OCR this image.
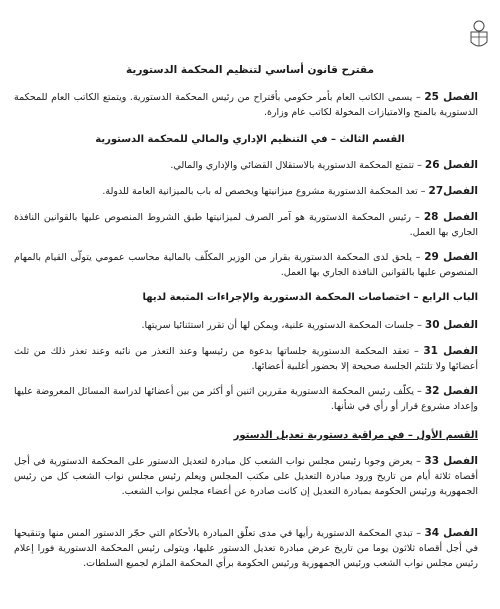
مقترح قانون أساسي لتنظيم المحكمة الدستورية
الفصل 25 – يسمى الكاتب العام بأمر حكومي بأقتراح من رئيس المحكمة الدستورية. ويتمتع الكاتب العام للمحكمة الدستورية بالمنح والامتيازات المخولة لكاتب عام وزارة.
القسم الثالث – في التنظيم الإداري والمالي للمحكمة الدستورية
الفصل 26 – تتمتع المحكمة الدستورية بالاستقلال القضائي والإداري والمالي.
الفصل27 – تعد المحكمة الدستورية مشروع ميزانيتها ويخصص له باب بالميزانية العامة للدولة.
الفصل 28 – رئيس المحكمة الدستورية هو آمر الصرف لميزانيتها طبق الشروط المنصوص عليها بالقوانين النافذة الجاري بها العمل.
الفصل 29 – يلحق لدى المحكمة الدستورية بقرار من الوزير المكلّف بالمالية محاسب عمومي يتولّى القيام بالمهام المنصوص عليها بالقوانين النافذة الجاري بها العمل.
الباب الرابع – اختصاصات المحكمة الدستورية والإجراءات المتبعة لديها
الفصل 30 – جلسات المحكمة الدستورية علنية، ويمكن لها أن تقرر استثنائيا سريتها.
الفصل 31 – تعقد المحكمة الدستورية جلساتها بدعوة من رئيسها وعند التعذر من نائبه وعند تعذر ذلك من ثلث أعضائها ولا تلتئم الجلسة صحيحة إلا بحضور أغلبية أعضائها.
الفصل 32 – يكلّف رئيس المحكمة الدستورية مقررين اثنين أو أكثر من بين أعضائها لدراسة المسائل المعروضة عليها وإعداد مشروع قرار أو رأي في شأنها.
القسم الأول – في مراقبة دستورية تعديل الدستور
الفصل 33 – يعرض وجوبا رئيس مجلس نواب الشعب كل مبادرة لتعديل الدستور على المحكمة الدستورية في أجل أقصاه ثلاثة أيام من تاريخ ورود مبادرة التعديل على مكتب المجلس ويعلم رئيس مجلس نواب الشعب كل من رئيس الجمهورية ورئيس الحكومة بمبادرة التعديل إن كانت صادرة عن أعضاء مجلس نواب الشعب.
الفصل 34 – تبدي المحكمة الدستورية رأيها في مدى تعلّق المبادرة بالأحكام التي حجّر الدستور المس منها وتنقيحها في أجل أقصاه ثلاثون يوما من تاريخ عرض مبادرة تعديل الدستور عليها، ويتولى رئيس المحكمة الدستورية فورا إعلام رئيس مجلس نواب الشعب ورئيس الجمهورية ورئيس الحكومة برأي المحكمة الملزم لجميع السلطات.
